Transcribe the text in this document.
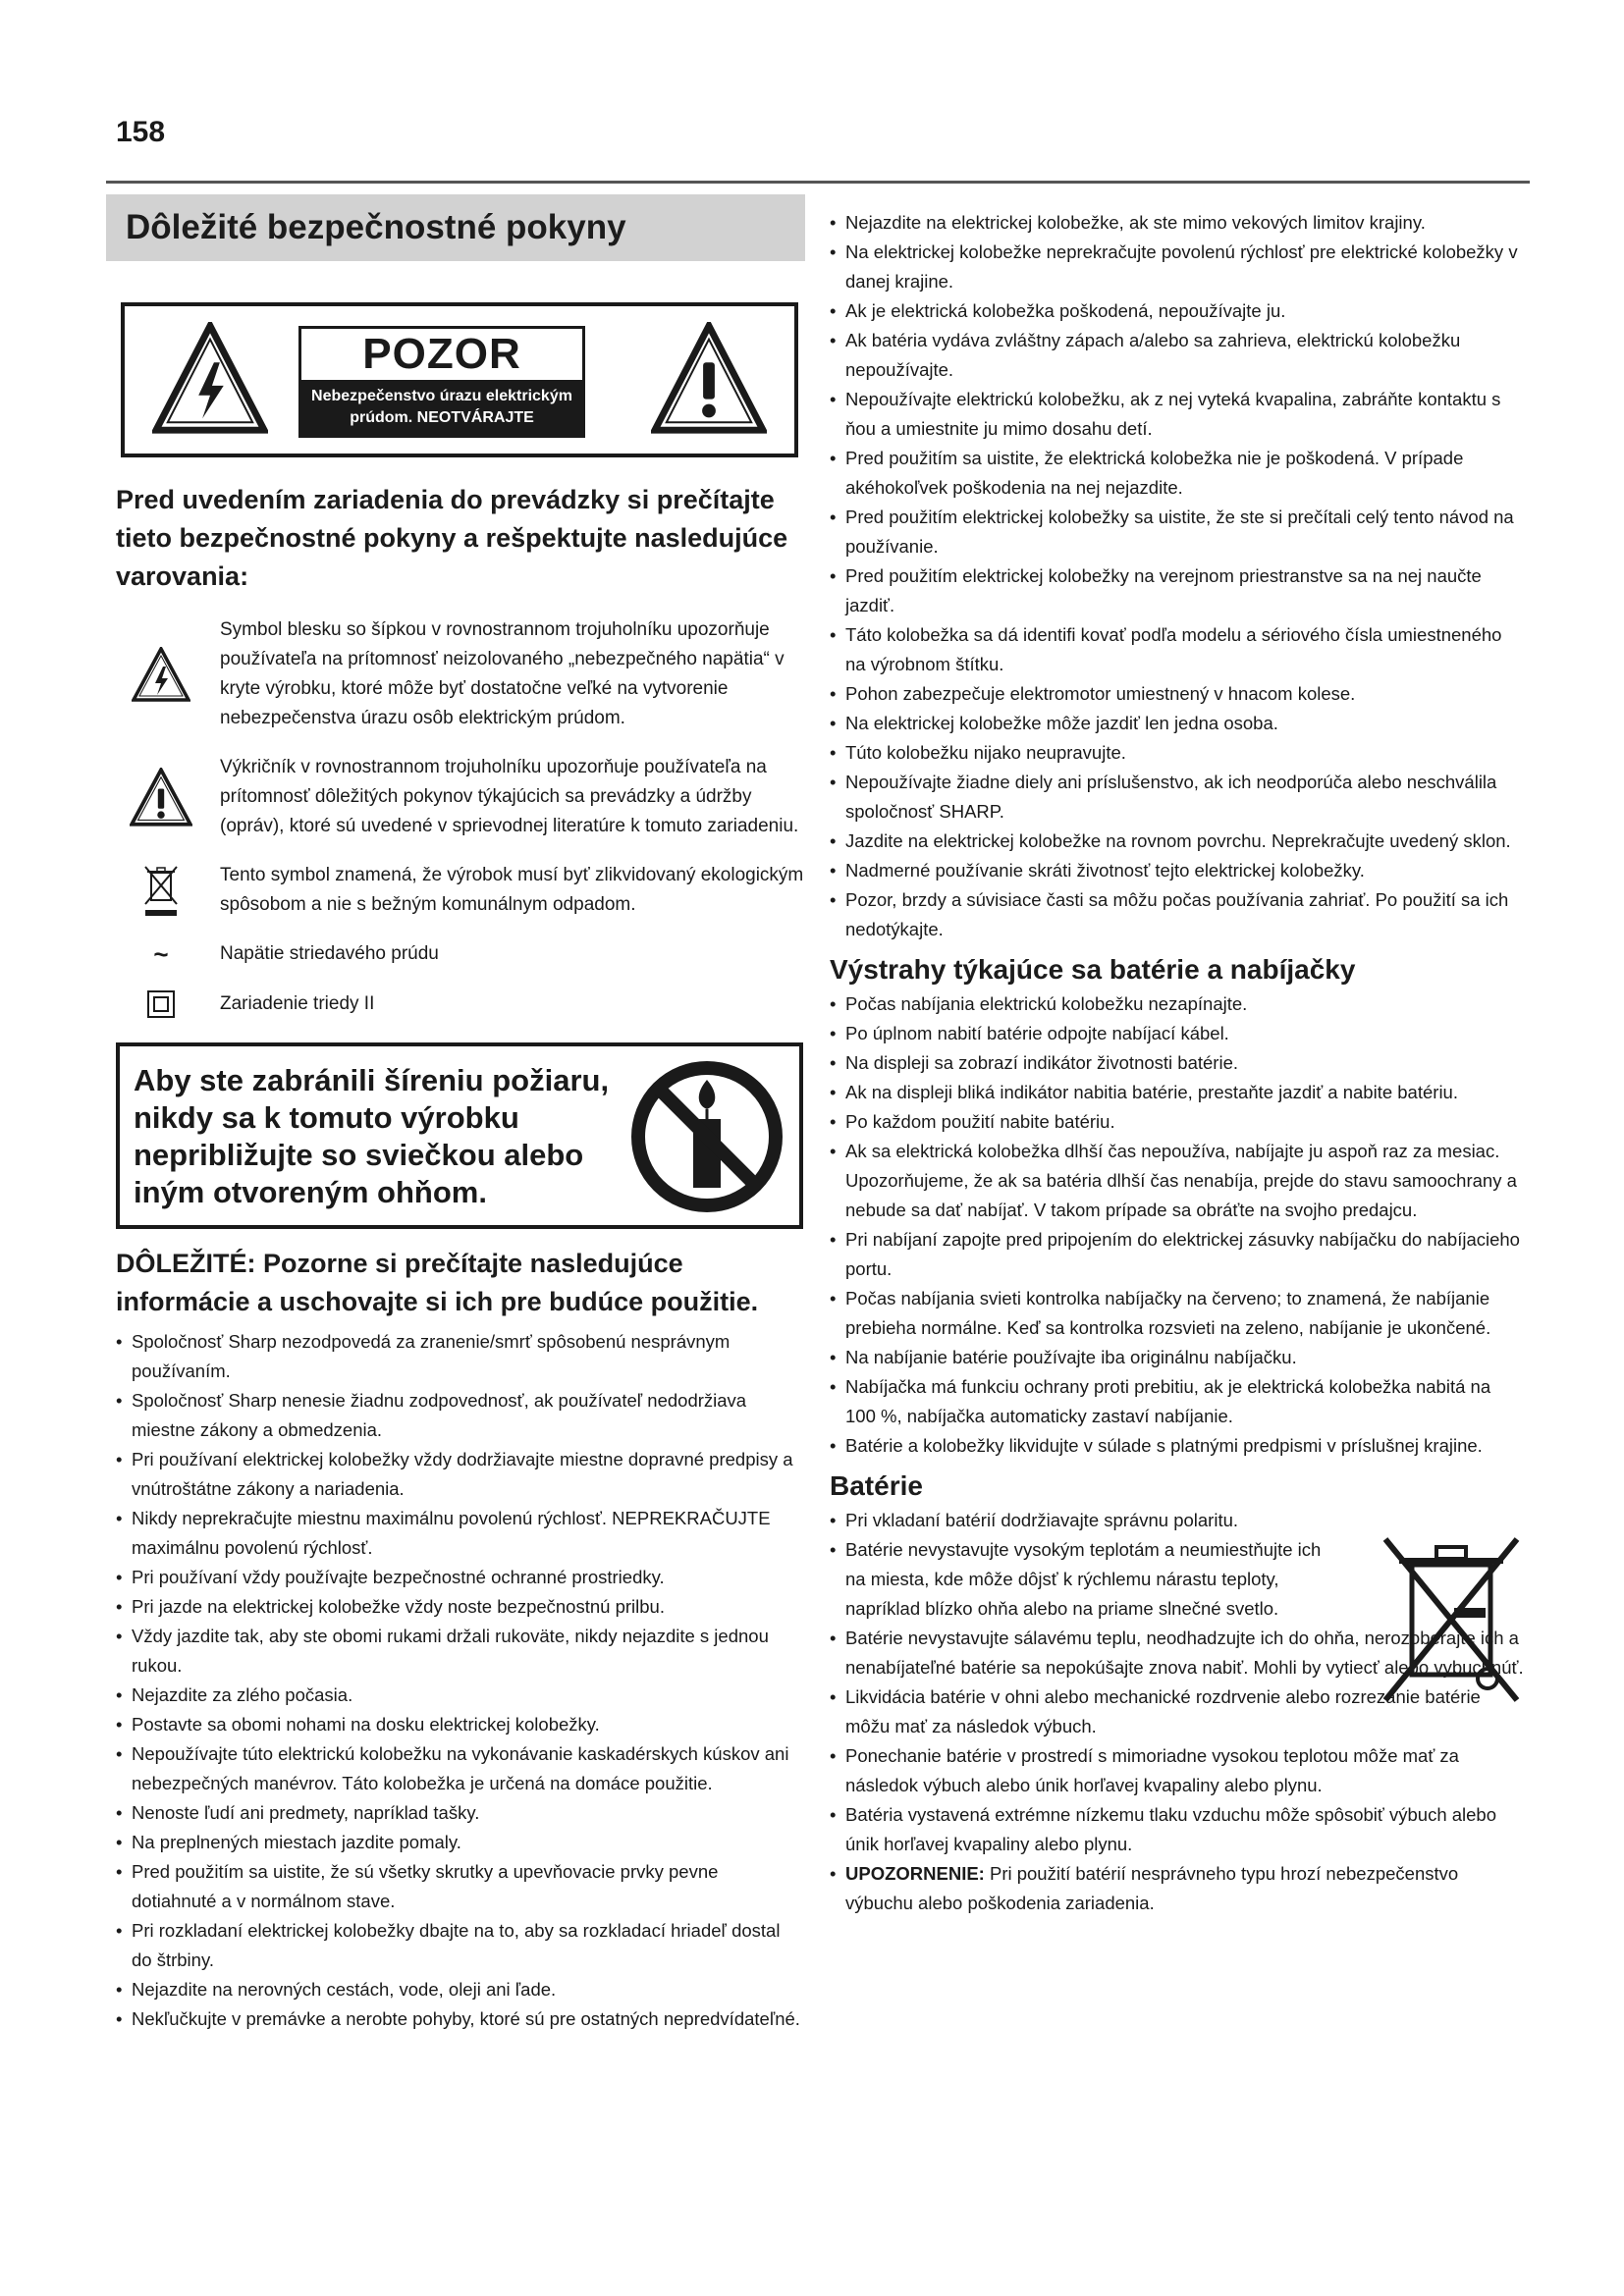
158
Dôležité bezpečnostné pokyny
POZOR
Nebezpečenstvo úrazu elektrickým
prúdom. NEOTVÁRAJTE
Pred uvedením zariadenia do prevádzky si prečítajte tieto bezpečnostné pokyny a rešpektujte nasledujúce varovania:
Symbol blesku so šípkou v rovnostrannom trojuholníku upozorňuje používateľa na prítomnosť neizolovaného „nebezpečného napätia“ v kryte výrobku, ktoré môže byť dostatočne veľké na vytvorenie nebezpečenstva úrazu osôb elektrickým prúdom.
Výkričník v rovnostrannom trojuholníku upozorňuje používateľa na prítomnosť dôležitých pokynov týkajúcich sa prevádzky a údržby (opráv), ktoré sú uvedené v sprievodnej literatúre k tomuto zariadeniu.
Tento symbol znamená, že výrobok musí byť zlikvidovaný ekologickým spôsobom a nie s bežným komunálnym odpadom.
~	Napätie striedavého prúdu
Zariadenie triedy II
Aby ste zabránili šíreniu požiaru, nikdy sa k tomuto výrobku nepribližujte so sviečkou alebo iným otvoreným ohňom.
DÔLEŽITÉ: Pozorne si prečítajte nasledujúce informácie a uschovajte si ich pre budúce použitie.
• Spoločnosť Sharp nezodpovedá za zranenie/smrť spôsobenú nesprávnym používaním.
• Spoločnosť Sharp nenesie žiadnu zodpovednosť, ak používateľ nedodržiava miestne zákony a obmedzenia.
• Pri používaní elektrickej kolobežky vždy dodržiavajte miestne dopravné predpisy a vnútroštátne zákony a nariadenia.
• Nikdy neprekračujte miestnu maximálnu povolenú rýchlosť. NEPREKRAČUJTE maximálnu povolenú rýchlosť.
• Pri používaní vždy používajte bezpečnostné ochranné prostriedky.
• Pri jazde na elektrickej kolobežke vždy noste bezpečnostnú prilbu.
• Vždy jazdite tak, aby ste obomi rukami držali rukoväte, nikdy nejazdite s jednou rukou.
• Nejazdite za zlého počasia.
• Postavte sa obomi nohami na dosku elektrickej kolobežky.
• Nepoužívajte túto elektrickú kolobežku na vykonávanie kaskadérskych kúskov ani nebezpečných manévrov. Táto kolobežka je určená na domáce použitie.
• Nenoste ľudí ani predmety, napríklad tašky.
• Na preplnených miestach jazdite pomaly.
• Pred použitím sa uistite, že sú všetky skrutky a upevňovacie prvky pevne dotiahnuté a v normálnom stave.
• Pri rozkladaní elektrickej kolobežky dbajte na to, aby sa rozkladací hriadeľ dostal do štrbiny.
• Nejazdite na nerovných cestách, vode, oleji ani ľade.
• Nekľučkujte v premávke a nerobte pohyby, ktoré sú pre ostatných nepredvídateľné.
• Nejazdite na elektrickej kolobežke, ak ste mimo vekových limitov krajiny.
• Na elektrickej kolobežke neprekračujte povolenú rýchlosť pre elektrické kolobežky v danej krajine.
• Ak je elektrická kolobežka poškodená, nepoužívajte ju.
• Ak batéria vydáva zvláštny zápach a/alebo sa zahrieva, elektrickú kolobežku nepoužívajte.
• Nepoužívajte elektrickú kolobežku, ak z nej vyteká kvapalina, zabráňte kontaktu s ňou a umiestnite ju mimo dosahu detí.
• Pred použitím sa uistite, že elektrická kolobežka nie je poškodená. V prípade akéhokoľvek poškodenia na nej nejazdite.
• Pred použitím elektrickej kolobežky sa uistite, že ste si prečítali celý tento návod na používanie.
• Pred použitím elektrickej kolobežky na verejnom priestranstve sa na nej naučte jazdiť.
• Táto kolobežka sa dá identifi kovať podľa modelu a sériového čísla umiestneného na výrobnom štítku.
• Pohon zabezpečuje elektromotor umiestnený v hnacom kolese.
• Na elektrickej kolobežke môže jazdiť len jedna osoba.
• Túto kolobežku nijako neupravujte.
• Nepoužívajte žiadne diely ani príslušenstvo, ak ich neodporúča alebo neschválila spoločnosť SHARP.
• Jazdite na elektrickej kolobežke na rovnom povrchu. Neprekračujte uvedený sklon.
• Nadmerné používanie skráti životnosť tejto elektrickej kolobežky.
• Pozor, brzdy a súvisiace časti sa môžu počas používania zahriať. Po použití sa ich nedotýkajte.
Výstrahy týkajúce sa batérie a nabíjačky
• Počas nabíjania elektrickú kolobežku nezapínajte.
• Po úplnom nabití batérie odpojte nabíjací kábel.
• Na displeji sa zobrazí indikátor životnosti batérie.
• Ak na displeji bliká indikátor nabitia batérie, prestaňte jazdiť a nabite batériu.
• Po každom použití nabite batériu.
• Ak sa elektrická kolobežka dlhší čas nepoužíva, nabíjajte ju aspoň raz za mesiac. Upozorňujeme, že ak sa batéria dlhší čas nenabíja, prejde do stavu samoochrany a nebude sa dať nabíjať. V takom prípade sa obráťte na svojho predajcu.
• Pri nabíjaní zapojte pred pripojením do elektrickej zásuvky nabíjačku do nabíjacieho portu.
• Počas nabíjania svieti kontrolka nabíjačky na červeno; to znamená, že nabíjanie prebieha normálne. Keď sa kontrolka rozsvieti na zeleno, nabíjanie je ukončené.
• Na nabíjanie batérie používajte iba originálnu nabíjačku.
• Nabíjačka má funkciu ochrany proti prebitiu, ak je elektrická kolobežka nabitá na 100 %, nabíjačka automaticky zastaví nabíjanie.
• Batérie a kolobežky likvidujte v súlade s platnými predpismi v príslušnej krajine.
Batérie
• Pri vkladaní batérií dodržiavajte správnu polaritu.
• Batérie nevystavujte vysokým teplotám a neumiestňujte ich na miesta, kde môže dôjsť k rýchlemu nárastu teploty, napríklad blízko ohňa alebo na priame slnečné svetlo.
• Batérie nevystavujte sálavému teplu, neodhadzujte ich do ohňa, nerozoberajte ich a nenabíjateľné batérie sa nepokúšajte znova nabiť. Mohli by vytiecť alebo vybuchnúť.
• Likvidácia batérie v ohni alebo mechanické rozdrvenie alebo rozrezanie batérie môžu mať za následok výbuch.
• Ponechanie batérie v prostredí s mimoriadne vysokou teplotou môže mať za následok výbuch alebo únik horľavej kvapaliny alebo plynu.
• Batéria vystavená extrémne nízkemu tlaku vzduchu môže spôsobiť výbuch alebo únik horľavej kvapaliny alebo plynu.
• UPOZORNENIE: Pri použití batérií nesprávneho typu hrozí nebezpečenstvo výbuchu alebo poškodenia zariadenia.
